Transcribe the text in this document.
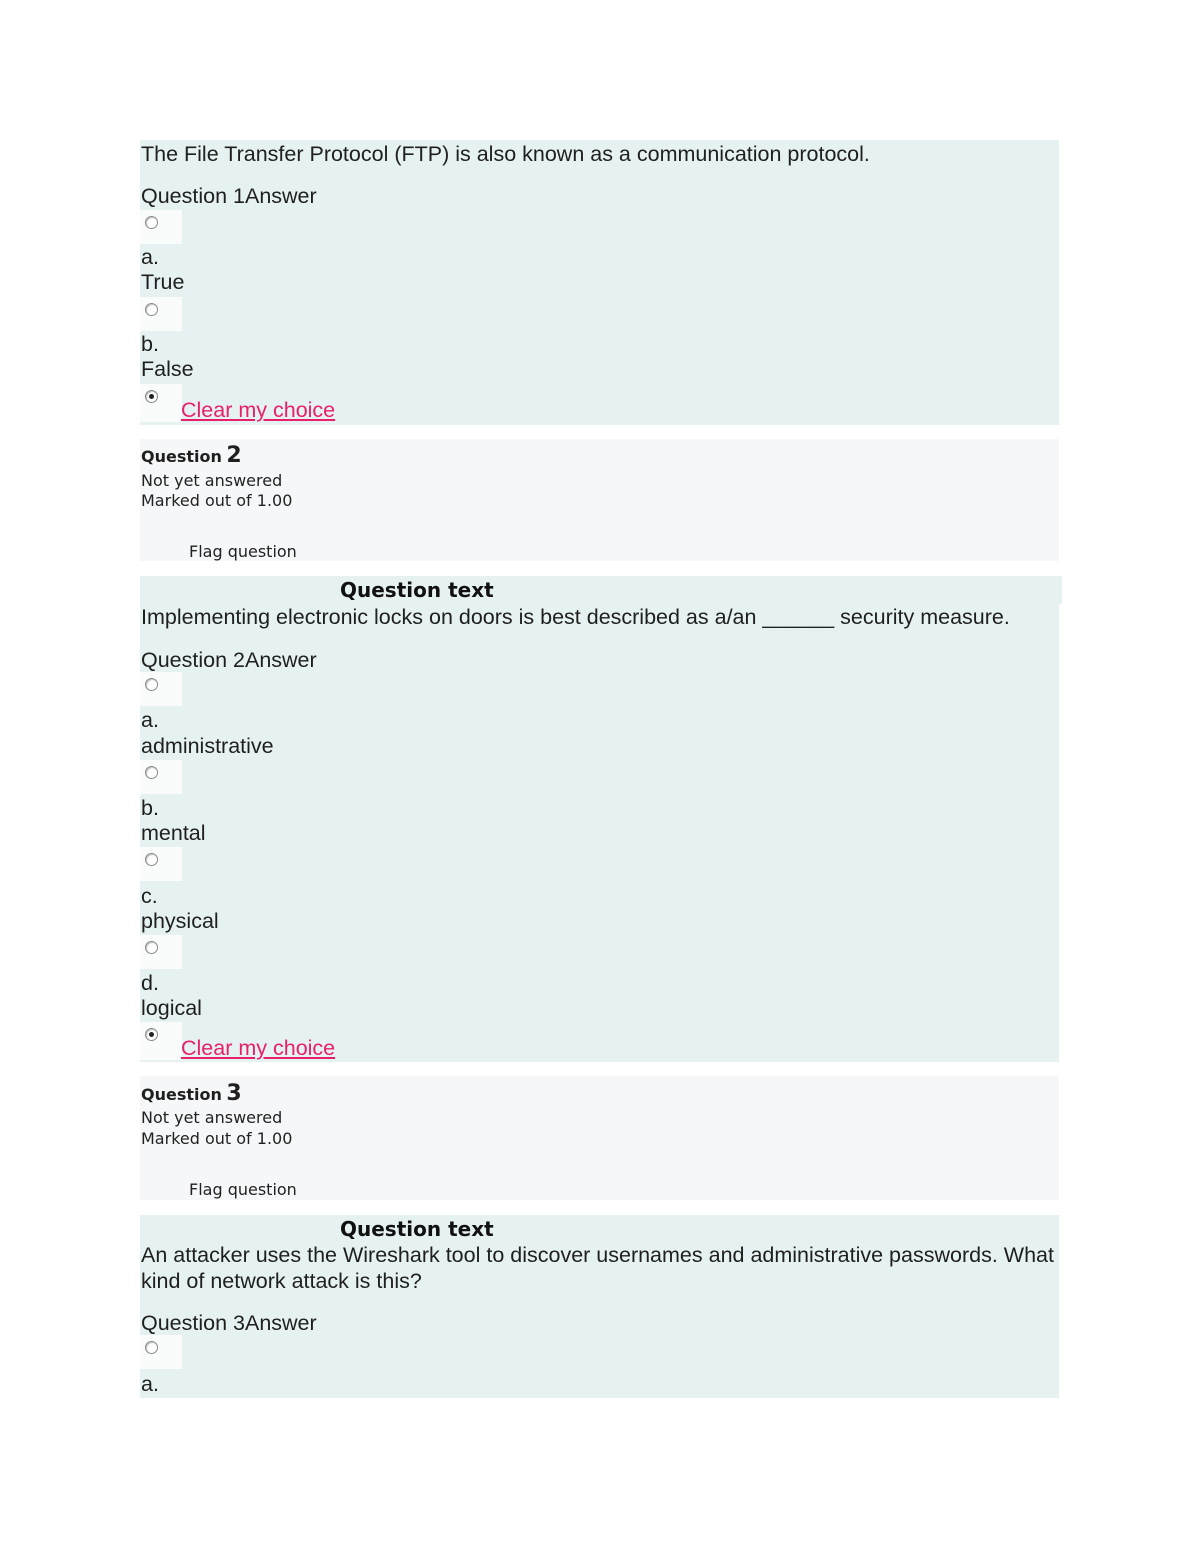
The File Transfer Protocol (FTP) is also known as a communication protocol.
Question 1Answer
a.
True
b.
False
Clear my choice
Question 2
Not yet answered
Marked out of 1.00
Flag question
Question text
Implementing electronic locks on doors is best described as a/an ______ security measure.
Question 2Answer
a.
administrative
b.
mental
c.
physical
d.
logical
Clear my choice
Question 3
Not yet answered
Marked out of 1.00
Flag question
Question text
An attacker uses the Wireshark tool to discover usernames and administrative passwords. What kind of network attack is this?
Question 3Answer
a.
